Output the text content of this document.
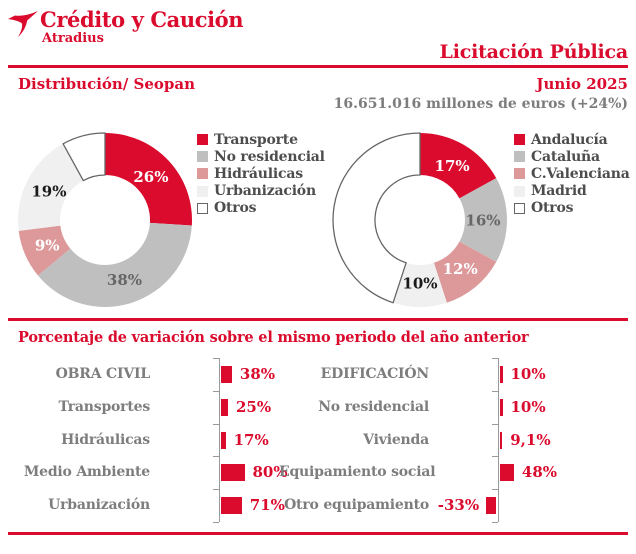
Crédito y Caución
Atradius
Licitación Pública
Distribución/ Seopan	Junio 2025
16.651.016 millones de euros (+24%)
26%
38%
9%
19%
Transporte
No residencial
Hidráulicas
Urbanización
Otros
17%
16%
12%
10%
Andalucía
Cataluña
C.Valenciana
Madrid
Otros
Porcentaje de variación sobre el mismo periodo del año anterior
OBRA CIVIL	38%
Transportes	25%
Hidráulicas	17%
Medio Ambiente	80%
Urbanización	71%
EDIFICACIÓN	10%
No residencial	10%
Vivienda	9,1%
Equipamiento social	48%
Otro equipamiento -33%
